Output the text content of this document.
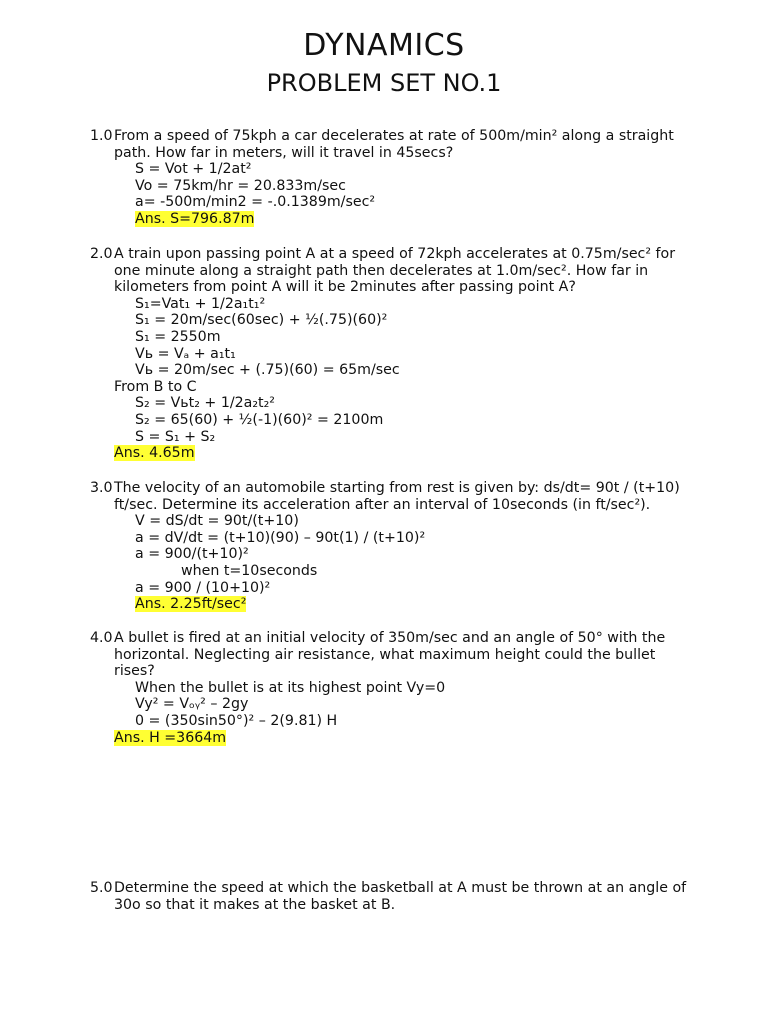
DYNAMICS
PROBLEM SET NO.1
1.0 From a speed of 75kph a car decelerates at rate of 500m/min² along a straight path. How far in meters, will it travel in 45secs?
S = Vot + 1/2at²
Vo = 75km/hr = 20.833m/sec
a= -500m/min2 = -.0.1389m/sec²
Ans. S=796.87m
2.0 A train upon passing point A at a speed of 72kph accelerates at 0.75m/sec² for one minute along a straight path then decelerates at 1.0m/sec². How far in kilometers from point A will it be 2minutes after passing point A?
S₁=Vat₁ + 1/2a₁t₁²
S₁ = 20m/sec(60sec) + ½(.75)(60)²
S₁ = 2550m
Vь = Vₐ + a₁t₁
Vь = 20m/sec + (.75)(60) = 65m/sec
From B to C
S₂ = Vьt₂ + 1/2a₂t₂²
S₂ = 65(60) + ½(-1)(60)² = 2100m
S = S₁ + S₂
Ans. 4.65m
3.0 The velocity of an automobile starting from rest is given by: ds/dt= 90t / (t+10) ft/sec. Determine its acceleration after an interval of 10seconds (in ft/sec²).
V = dS/dt = 90t/(t+10)
a = dV/dt = (t+10)(90) – 90t(1) / (t+10)²
a = 900/(t+10)²
when t=10seconds
a = 900 / (10+10)²
Ans. 2.25ft/sec²
4.0 A bullet is fired at an initial velocity of 350m/sec and an angle of 50° with the horizontal. Neglecting air resistance, what maximum height could the bullet rises?
When the bullet is at its highest point Vy=0
Vy² = Vₒᵧ² – 2gy
0 = (350sin50°)² – 2(9.81) H
Ans. H =3664m
5.0 Determine the speed at which the basketball at A must be thrown at an angle of 30o so that it makes at the basket at B.
